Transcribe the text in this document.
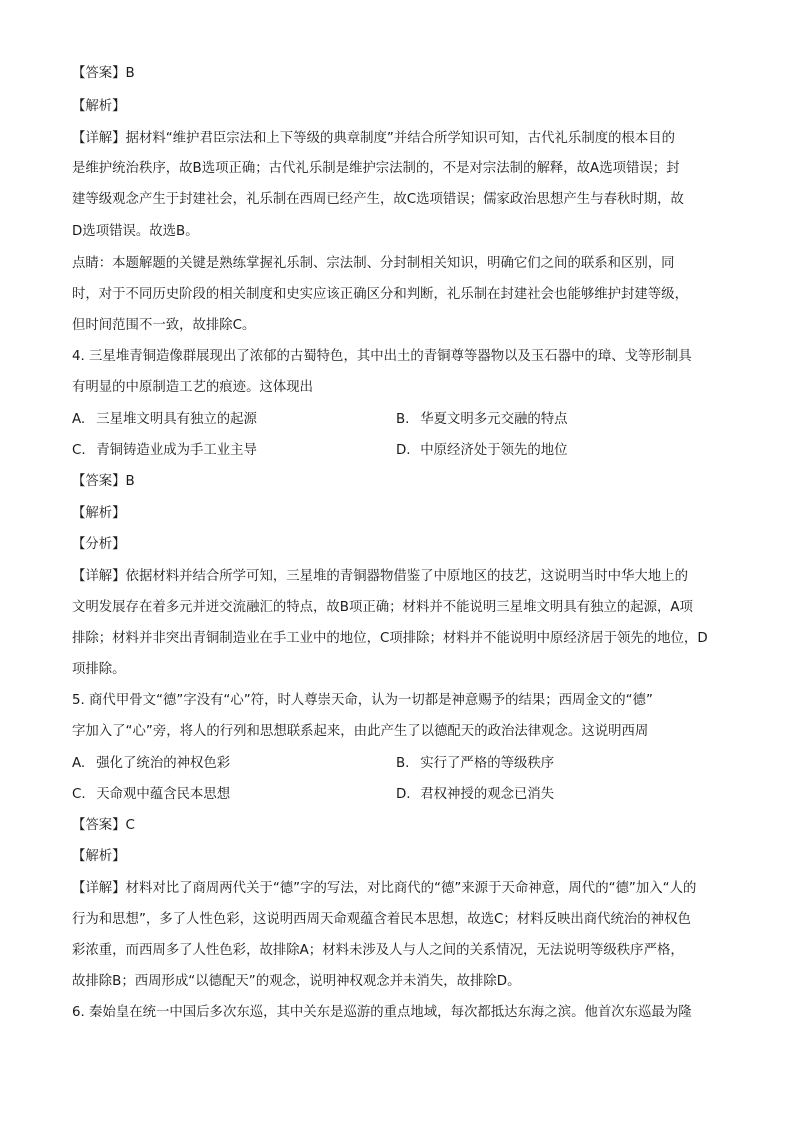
【答案】B
【解析】
【详解】据材料“维护君臣宗法和上下等级的典章制度”并结合所学知识可知，古代礼乐制度的根本目的
是维护统治秩序，故B选项正确；古代礼乐制是维护宗法制的，不是对宗法制的解释，故A选项错误；封
建等级观念产生于封建社会，礼乐制在西周已经产生，故C选项错误；儒家政治思想产生与春秋时期，故
D选项错误。故选B。
点睛：本题解题的关键是熟练掌握礼乐制、宗法制、分封制相关知识，明确它们之间的联系和区别，同
时，对于不同历史阶段的相关制度和史实应该正确区分和判断，礼乐制在封建社会也能够维护封建等级，
但时间范围不一致，故排除C。
4. 三星堆青铜造像群展现出了浓郁的古蜀特色，其中出土的青铜尊等器物以及玉石器中的璋、戈等形制具
有明显的中原制造工艺的痕迹。这体现出
A. 三星堆文明具有独立的起源	B. 华夏文明多元交融的特点
C. 青铜铸造业成为手工业主导	D. 中原经济处于领先的地位
【答案】B
【解析】
【分析】
【详解】依据材料并结合所学可知，三星堆的青铜器物借鉴了中原地区的技艺，这说明当时中华大地上的
文明发展存在着多元并迸交流融汇的特点，故B项正确；材料并不能说明三星堆文明具有独立的起源，A项
排除；材料并非突出青铜制造业在手工业中的地位，C项排除；材料并不能说明中原经济居于领先的地位，D
项排除。
5. 商代甲骨文“德”字没有“心”符，时人尊崇天命，认为一切都是神意赐予的结果；西周金文的“德”
字加入了“心”旁，将人的行列和思想联系起来，由此产生了以德配天的政治法律观念。这说明西周
A. 强化了统治的神权色彩	B. 实行了严格的等级秩序
C. 天命观中蕴含民本思想	D. 君权神授的观念已消失
【答案】C
【解析】
【详解】材料对比了商周两代关于“德”字的写法，对比商代的“德”来源于天命神意，周代的“德”加入“人的
行为和思想”，多了人性色彩，这说明西周天命观蕴含着民本思想，故选C；材料反映出商代统治的神权色
彩浓重，而西周多了人性色彩，故排除A；材料未涉及人与人之间的关系情况，无法说明等级秩序严格，
故排除B；西周形成“以德配天”的观念，说明神权观念并未消失，故排除D。
6. 秦始皇在统一中国后多次东巡，其中关东是巡游的重点地域，每次都抵达东海之滨。他首次东巡最为隆
